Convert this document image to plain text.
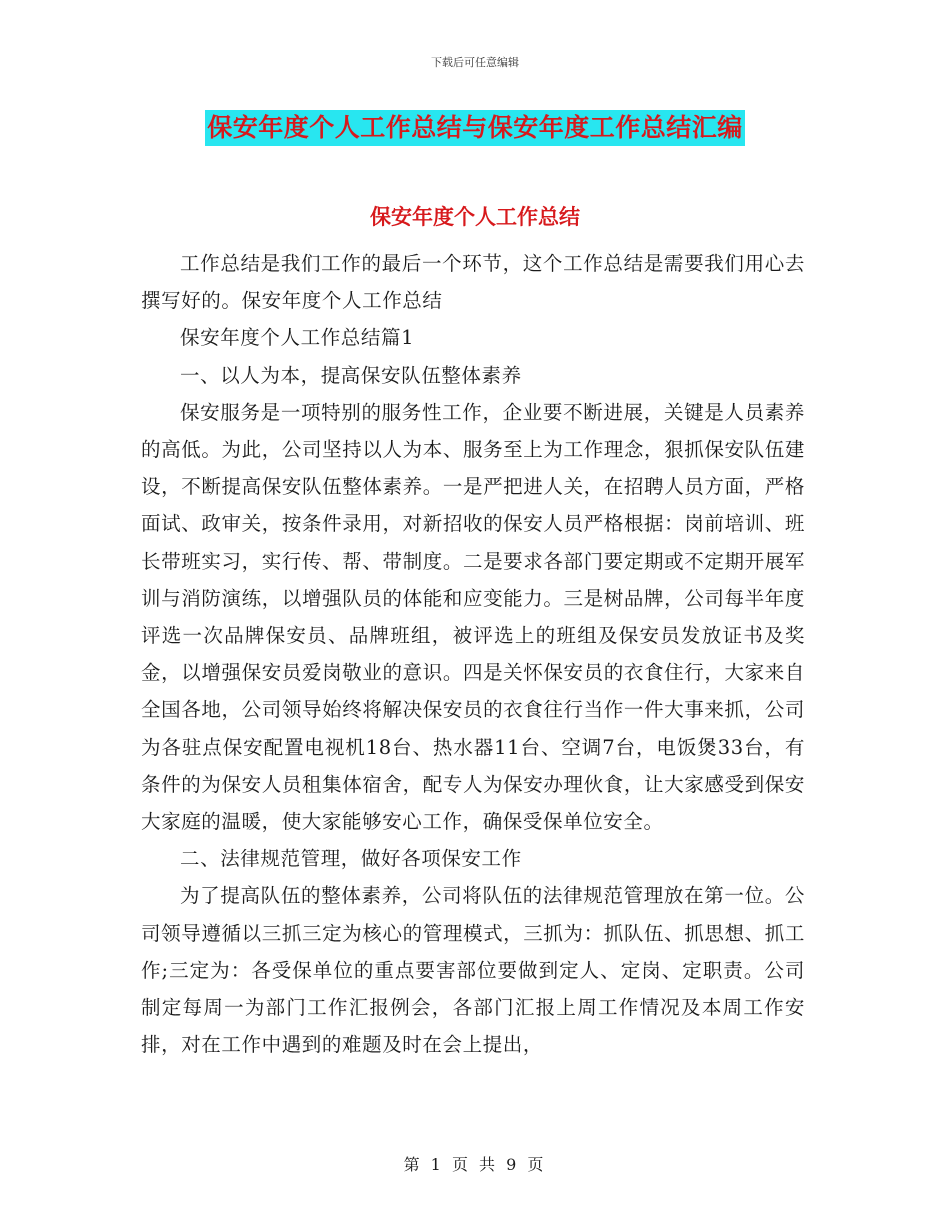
下载后可任意编辑
保安年度个人工作总结与保安年度工作总结汇编
保安年度个人工作总结

工作总结是我们工作的最后一个环节，这个工作总结是需要我们用心去撰写好的。保安年度个人工作总结

保安年度个人工作总结篇1

一、以人为本，提高保安队伍整体素养

保安服务是一项特别的服务性工作，企业要不断进展，关键是人员素养的高低。为此，公司坚持以人为本、服务至上为工作理念，狠抓保安队伍建设，不断提高保安队伍整体素养。一是严把进人关，在招聘人员方面，严格面试、政审关，按条件录用，对新招收的保安人员严格根据：岗前培训、班长带班实习，实行传、帮、带制度。二是要求各部门要定期或不定期开展军训与消防演练，以增强队员的体能和应变能力。三是树品牌，公司每半年度评选一次品牌保安员、品牌班组，被评选上的班组及保安员发放证书及奖金，以增强保安员爱岗敬业的意识。四是关怀保安员的衣食住行，大家来自全国各地，公司领导始终将解决保安员的衣食往行当作一件大事来抓，公司为各驻点保安配置电视机18台、热水器11台、空调7台，电饭煲33台，有条件的为保安人员租集体宿舍，配专人为保安办理伙食，让大家感受到保安大家庭的温暖，使大家能够安心工作，确保受保单位安全。

二、法律规范管理，做好各项保安工作

为了提高队伍的整体素养，公司将队伍的法律规范管理放在第一位。公司领导遵循以三抓三定为核心的管理模式，三抓为：抓队伍、抓思想、抓工作;三定为：各受保单位的重点要害部位要做到定人、定岗、定职责。公司制定每周一为部门工作汇报例会，各部门汇报上周工作情况及本周工作安排，对在工作中遇到的难题及时在会上提出，

第 1 页 共 9 页
